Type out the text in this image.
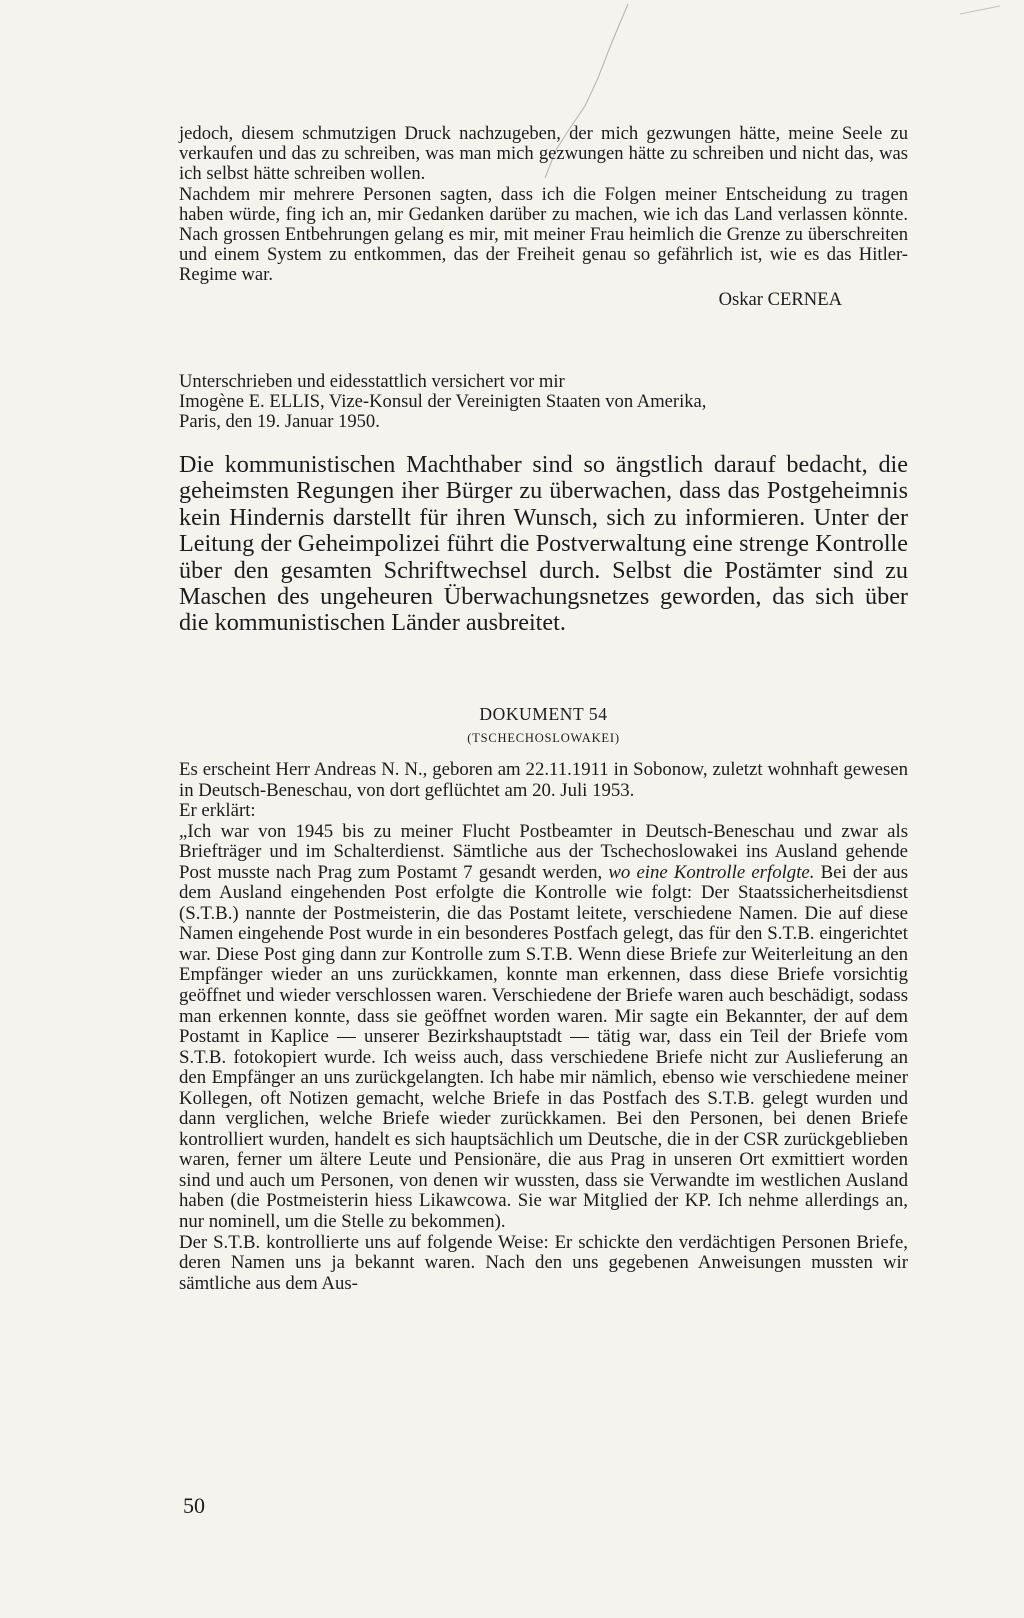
jedoch, diesem schmutzigen Druck nachzugeben, der mich gezwungen hätte, meine Seele zu verkaufen und das zu schreiben, was man mich gezwungen hätte zu schreiben und nicht das, was ich selbst hätte schreiben wollen.

Nachdem mir mehrere Personen sagten, dass ich die Folgen meiner Entscheidung zu tragen haben würde, fing ich an, mir Gedanken darüber zu machen, wie ich das Land verlassen könnte. Nach grossen Entbehrungen gelang es mir, mit meiner Frau heimlich die Grenze zu überschreiten und einem System zu entkommen, das der Freiheit genau so gefährlich ist, wie es das Hitler-Regime war.

Oskar CERNEA
Unterschrieben und eidesstattlich versichert vor mir
Imogène E. ELLIS, Vize-Konsul der Vereinigten Staaten von Amerika,
Paris, den 19. Januar 1950.

Die kommunistischen Machthaber sind so ängstlich darauf bedacht, die geheimsten Regungen iher Bürger zu überwachen, dass das Postgeheimnis kein Hindernis darstellt für ihren Wunsch, sich zu informieren. Unter der Leitung der Geheimpolizei führt die Postverwaltung eine strenge Kontrolle über den gesamten Schriftwechsel durch. Selbst die Postämter sind zu Maschen des ungeheuren Überwachungsnetzes geworden, das sich über die kommunistischen Länder ausbreitet.

DOKUMENT 54
(TSCHECHOSLOWAKEI)

Es erscheint Herr Andreas N. N., geboren am 22.11.1911 in Sobonow, zuletzt wohnhaft gewesen in Deutsch-Beneschau, von dort geflüchtet am 20. Juli 1953.

Er erklärt:

„Ich war von 1945 bis zu meiner Flucht Postbeamter in Deutsch-Beneschau und zwar als Briefträger und im Schalterdienst. Sämtliche aus der Tschechoslowakei ins Ausland gehende Post musste nach Prag zum Postamt 7 gesandt werden, wo eine Kontrolle erfolgte. Bei der aus dem Ausland eingehenden Post erfolgte die Kontrolle wie folgt: Der Staatssicherheitsdienst (S.T.B.) nannte der Postmeisterin, die das Postamt leitete, verschiedene Namen. Die auf diese Namen eingehende Post wurde in ein besonderes Postfach gelegt, das für den S.T.B. eingerichtet war. Diese Post ging dann zur Kontrolle zum S.T.B. Wenn diese Briefe zur Weiterleitung an den Empfänger wieder an uns zurückkamen, konnte man erkennen, dass diese Briefe vorsichtig geöffnet und wieder verschlossen waren. Verschiedene der Briefe waren auch beschädigt, sodass man erkennen konnte, dass sie geöffnet worden waren. Mir sagte ein Bekannter, der auf dem Postamt in Kaplice — unserer Bezirkshauptstadt — tätig war, dass ein Teil der Briefe vom S.T.B. fotokopiert wurde. Ich weiss auch, dass verschiedene Briefe nicht zur Auslieferung an den Empfänger an uns zurückgelangten. Ich habe mir nämlich, ebenso wie verschiedene meiner Kollegen, oft Notizen gemacht, welche Briefe in das Postfach des S.T.B. gelegt wurden und dann verglichen, welche Briefe wieder zurückkamen. Bei den Personen, bei denen Briefe kontrolliert wurden, handelt es sich hauptsächlich um Deutsche, die in der CSR zurückgeblieben waren, ferner um ältere Leute und Pensionäre, die aus Prag in unseren Ort exmittiert worden sind und auch um Personen, von denen wir wussten, dass sie Verwandte im westlichen Ausland haben (die Postmeisterin hiess Likawcowa. Sie war Mitglied der KP. Ich nehme allerdings an, nur nominell, um die Stelle zu bekommen).

Der S.T.B. kontrollierte uns auf folgende Weise: Er schickte den verdächtigen Personen Briefe, deren Namen uns ja bekannt waren. Nach den uns gegebenen Anweisungen mussten wir sämtliche aus dem Aus-

50
